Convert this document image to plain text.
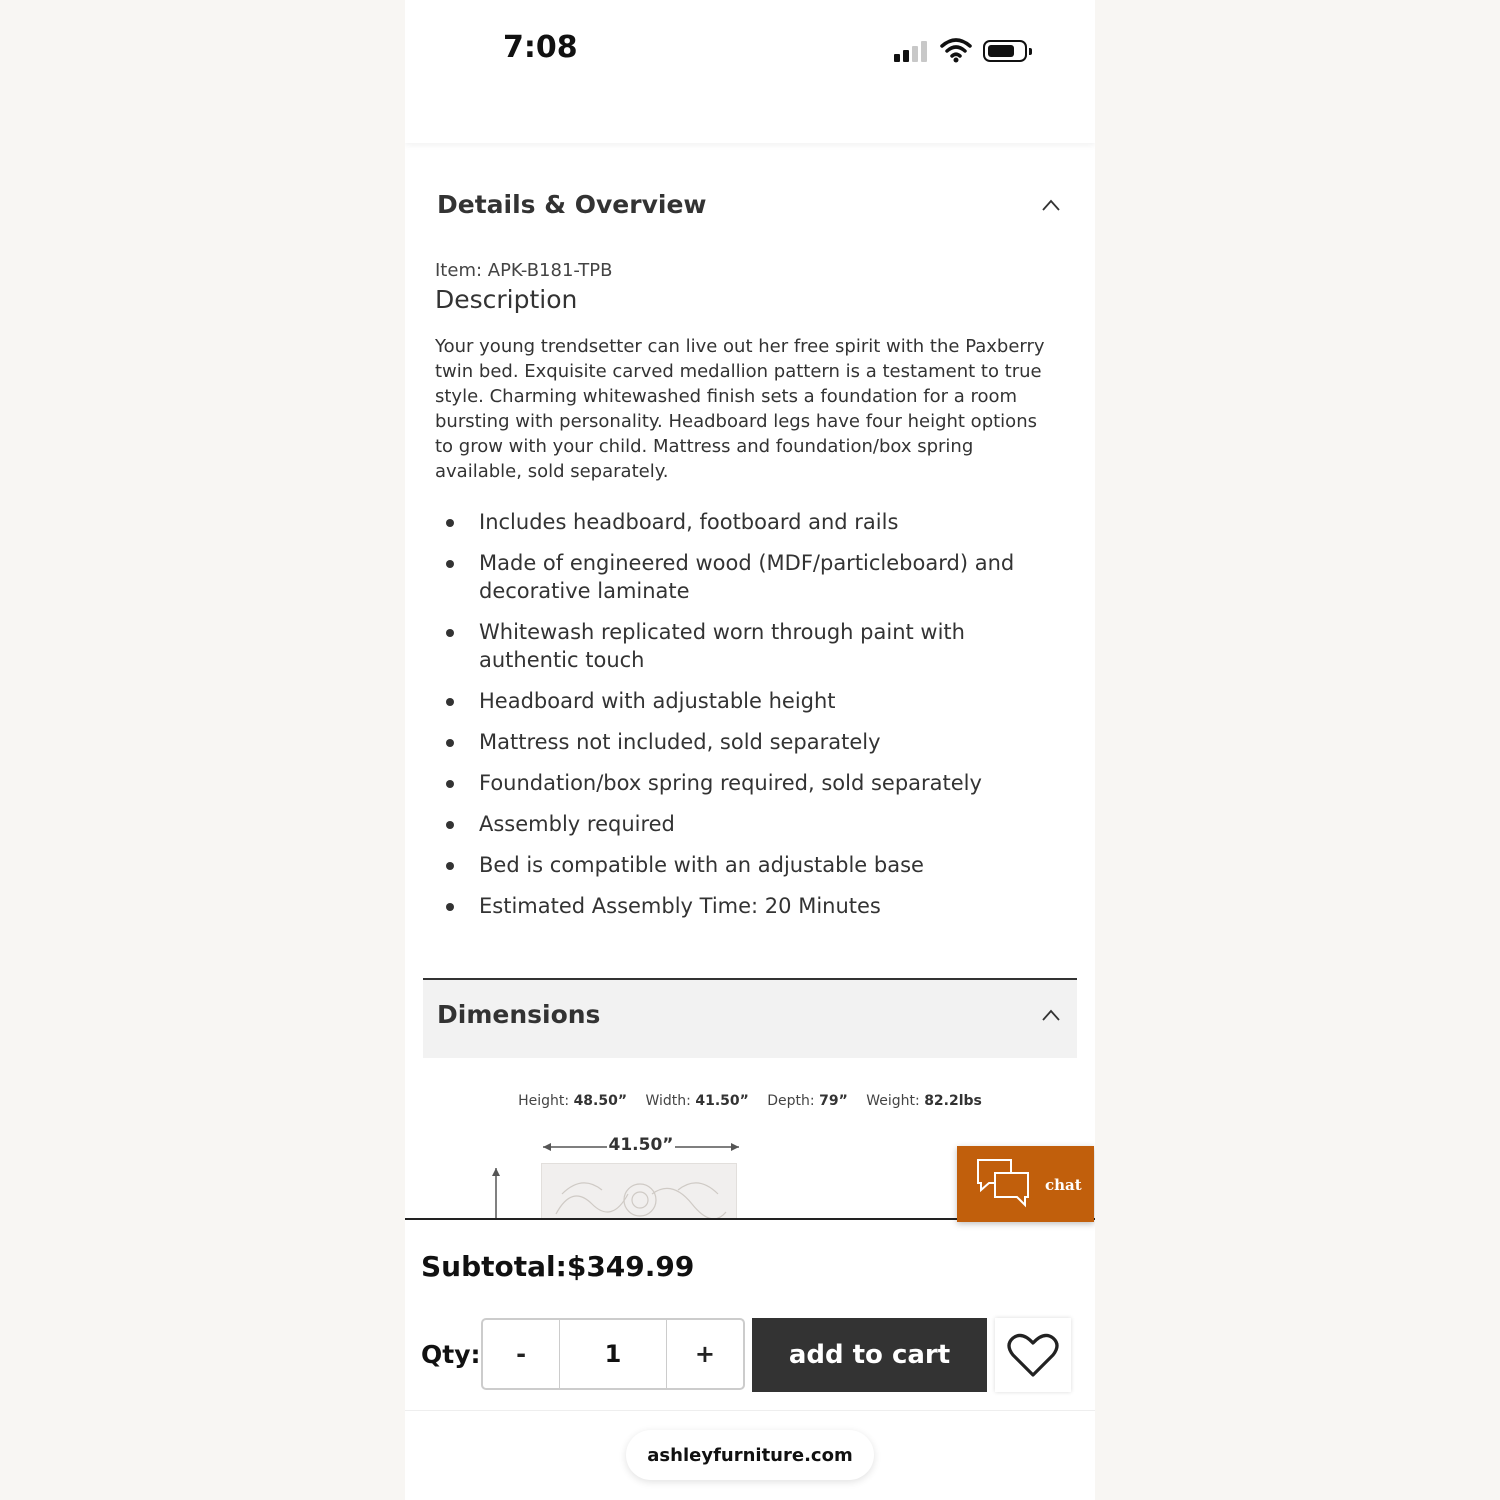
7:08
Details & Overview
Item: APK-B181-TPB
Description
Your young trendsetter can live out her free spirit with the Paxberry twin bed. Exquisite carved medallion pattern is a testament to true style. Charming whitewashed finish sets a foundation for a room bursting with personality. Headboard legs have four height options to grow with your child. Mattress and foundation/box spring available, sold separately.
Includes headboard, footboard and rails
Made of engineered wood (MDF/particleboard) and decorative laminate
Whitewash replicated worn through paint with authentic touch
Headboard with adjustable height
Mattress not included, sold separately
Foundation/box spring required, sold separately
Assembly required
Bed is compatible with an adjustable base
Estimated Assembly Time: 20 Minutes
Dimensions
Height: 48.50” Width: 41.50” Depth: 79” Weight: 82.2lbs
41.50”
chat
Subtotal:$349.99
Qty:	-	1	+	add to cart
ashleyfurniture.com
